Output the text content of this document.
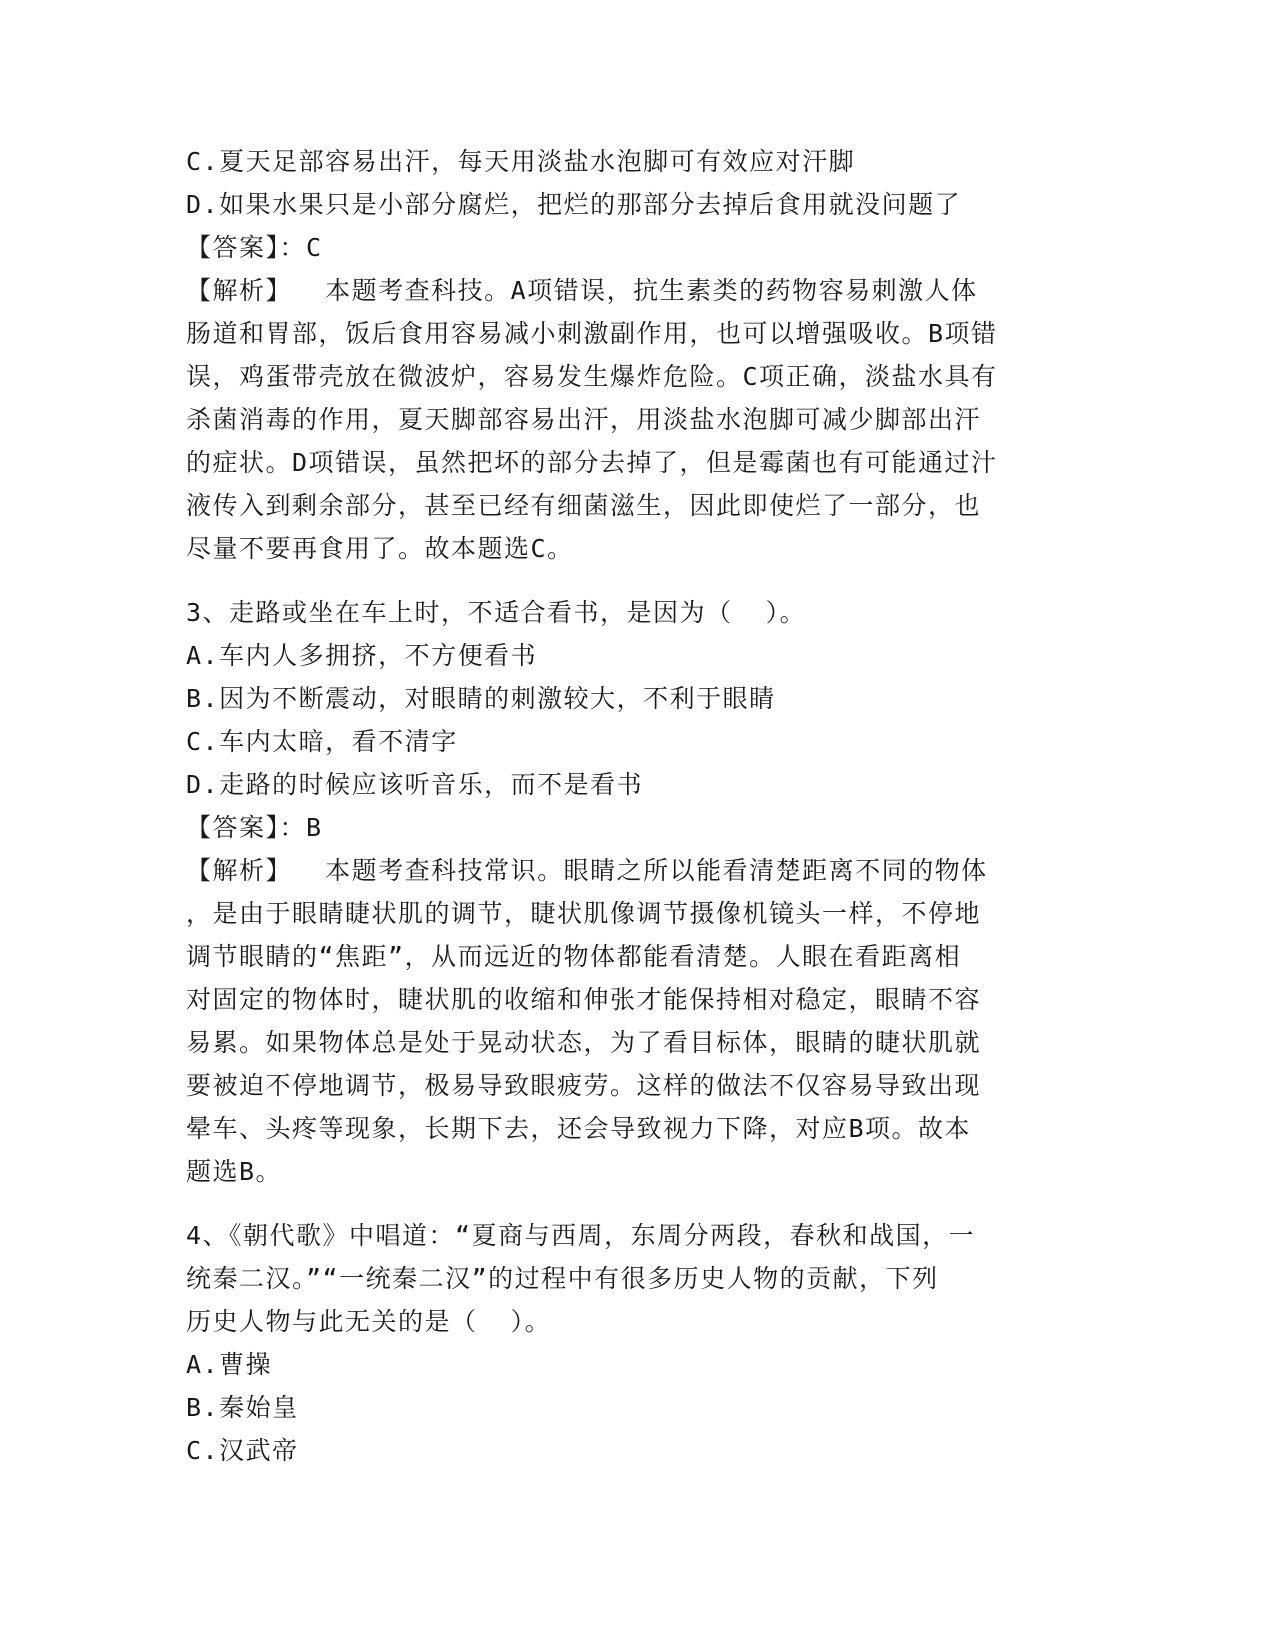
C.夏天足部容易出汗，每天用淡盐水泡脚可有效应对汗脚

D.如果水果只是小部分腐烂，把烂的那部分去掉后食用就没问题了

【答案】：C

【解析】  本题考查科技。A项错误，抗生素类的药物容易刺激人体

肠道和胃部，饭后食用容易减小刺激副作用，也可以增强吸收。B项错

误，鸡蛋带壳放在微波炉，容易发生爆炸危险。C项正确，淡盐水具有

杀菌消毒的作用，夏天脚部容易出汗，用淡盐水泡脚可减少脚部出汗

的症状。D项错误，虽然把坏的部分去掉了，但是霉菌也有可能通过汁

液传入到剩余部分，甚至已经有细菌滋生，因此即使烂了一部分，也

尽量不要再食用了。故本题选C。

3、走路或坐在车上时，不适合看书，是因为（  ）。

A.车内人多拥挤，不方便看书

B.因为不断震动，对眼睛的刺激较大，不利于眼睛

C.车内太暗，看不清字

D.走路的时候应该听音乐，而不是看书

【答案】：B

【解析】  本题考查科技常识。眼睛之所以能看清楚距离不同的物体

，是由于眼睛睫状肌的调节，睫状肌像调节摄像机镜头一样，不停地

调节眼睛的“焦距”，从而远近的物体都能看清楚。人眼在看距离相

对固定的物体时，睫状肌的收缩和伸张才能保持相对稳定，眼睛不容

易累。如果物体总是处于晃动状态，为了看目标体，眼睛的睫状肌就

要被迫不停地调节，极易导致眼疲劳。这样的做法不仅容易导致出现

晕车、头疼等现象，长期下去，还会导致视力下降，对应B项。故本

题选B。

4、《朝代歌》中唱道：“夏商与西周，东周分两段，春秋和战国，一

统秦二汉。”“一统秦二汉”的过程中有很多历史人物的贡献，下列

历史人物与此无关的是（  ）。

A.曹操

B.秦始皇

C.汉武帝
